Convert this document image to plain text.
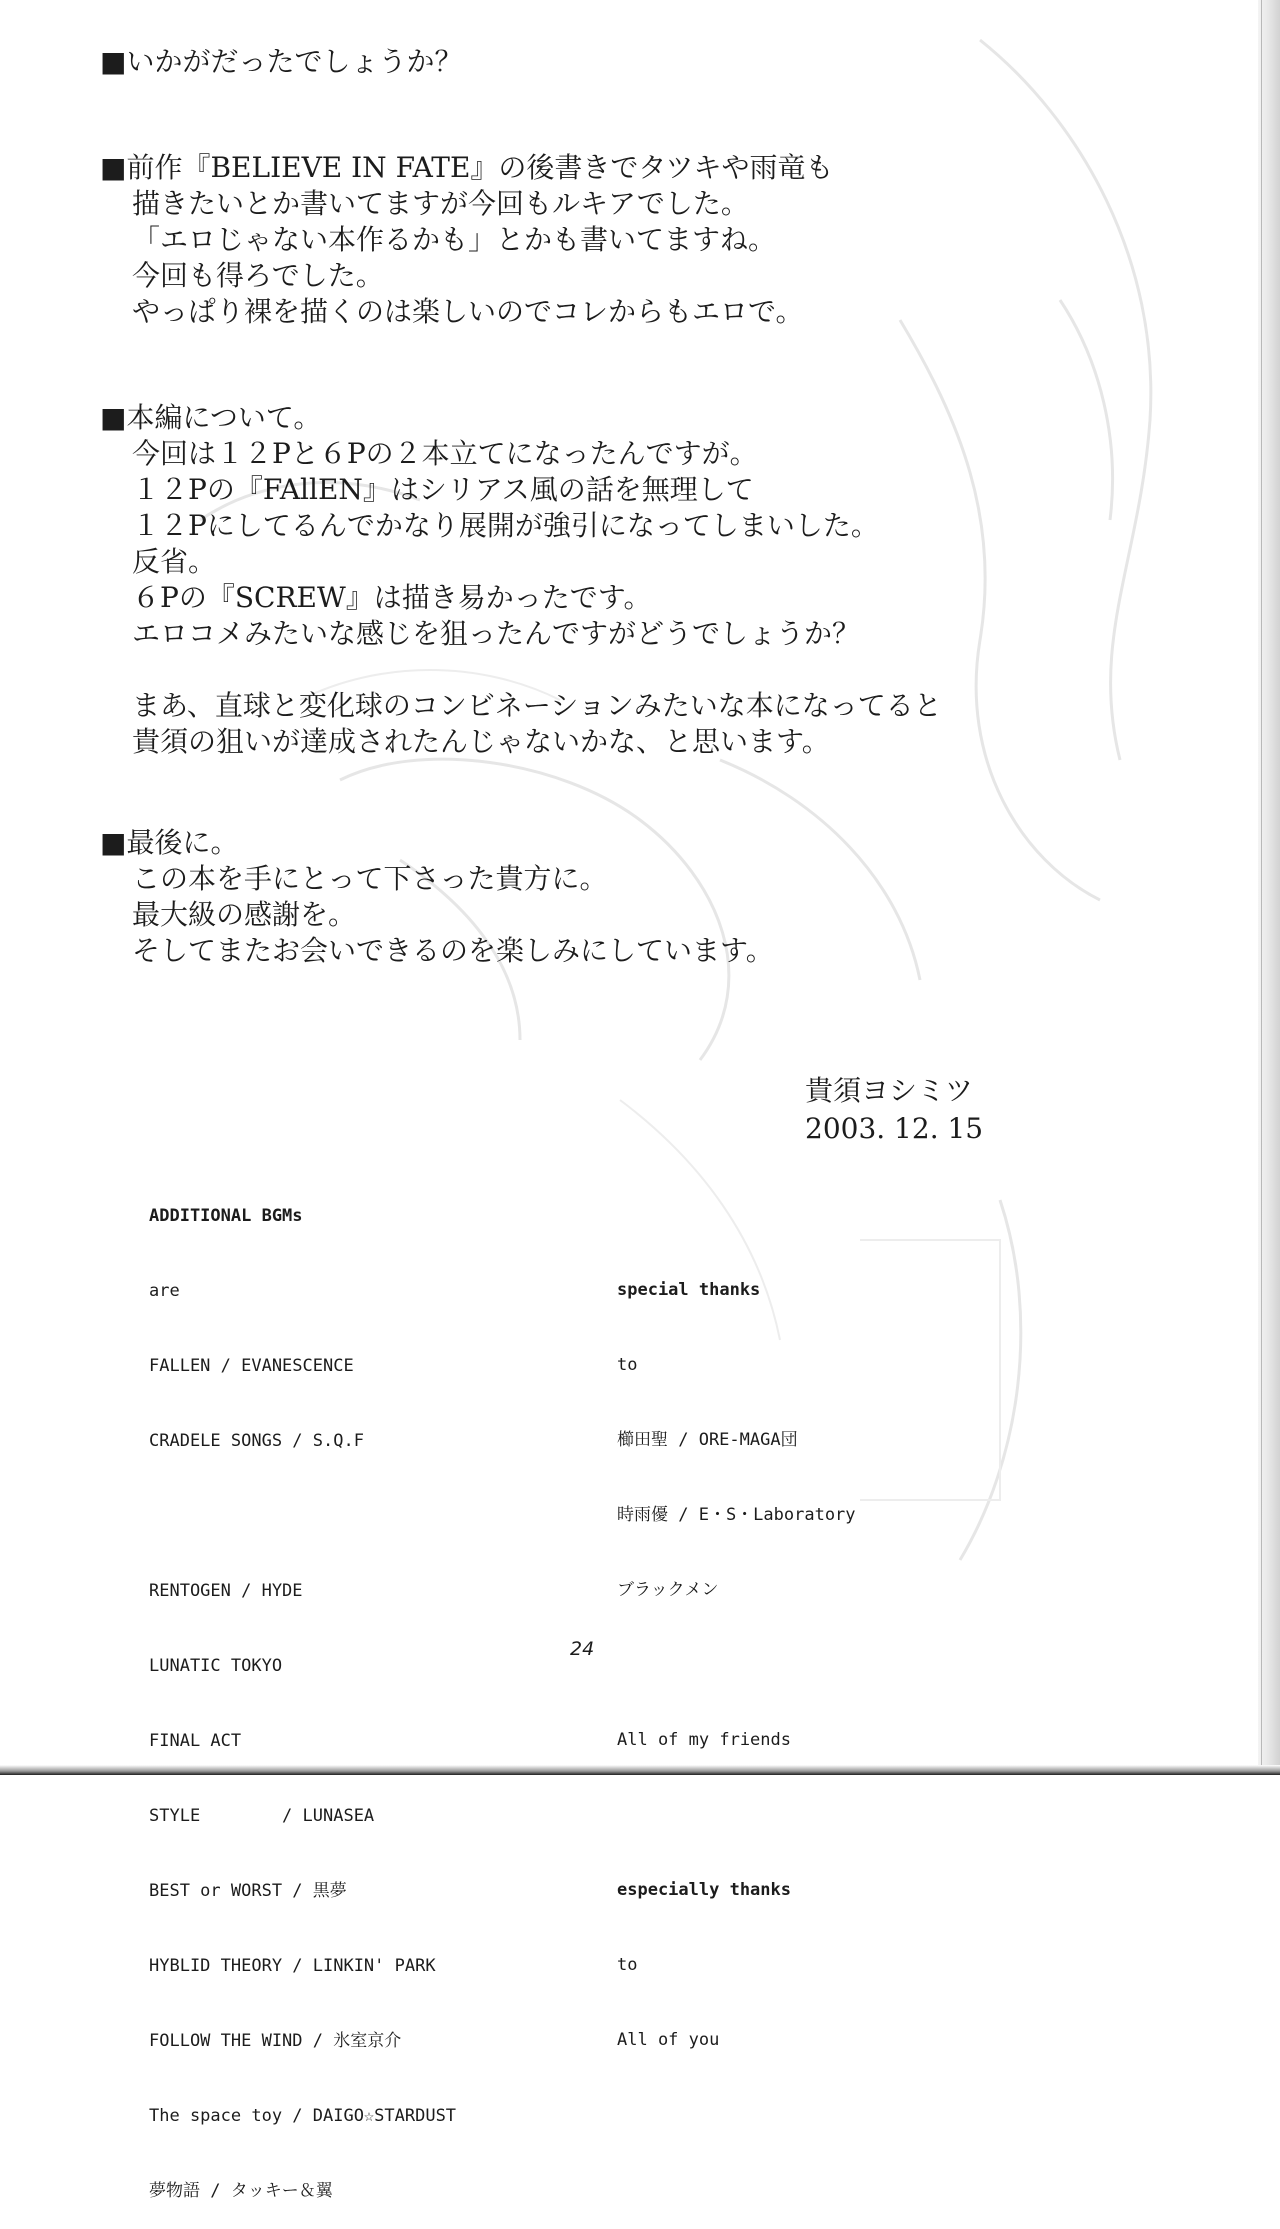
■いかがだったでしょうか？
■前作『BELIEVE IN FATE』の後書きでタツキや雨竜も
描きたいとか書いてますが今回もルキアでした。
「エロじゃない本作るかも」とかも書いてますね。
今回も得ろでした。
やっぱり裸を描くのは楽しいのでコレからもエロで。
■本編について。
今回は１２Pと６Pの２本立てになったんですが。
１２Pの『FAllEN』はシリアス風の話を無理して
１２Pにしてるんでかなり展開が強引になってしまいした。
反省。
６Pの『SCREW』は描き易かったです。
エロコメみたいな感じを狙ったんですがどうでしょうか？

まあ、直球と変化球のコンビネーションみたいな本になってると
貴須の狙いが達成されたんじゃないかな、と思います。
■最後に。
この本を手にとって下さった貴方に。
最大級の感謝を。
そしてまたお会いできるのを楽しみにしています。
貴須ヨシミツ
2003. 12. 15

ADDITIONAL BGMs

are

FALLEN / EVANESCENCE

CRADELE SONGS / S.Q.F

RENTOGEN / HYDE

LUNATIC TOKYO

FINAL ACT

STYLE        / LUNASEA

BEST or WORST / 黒夢

HYBLID THEORY / LINKIN' PARK

FOLLOW THE WIND / 氷室京介

The space toy / DAIGO☆STARDUST

夢物語 / タッキー＆翼

special thanks

to

櫛田聖 / ORE-MAGA団

時雨優 / E・S・Laboratory

ブラックメン

All of my friends

especially thanks

to

All of you

24
